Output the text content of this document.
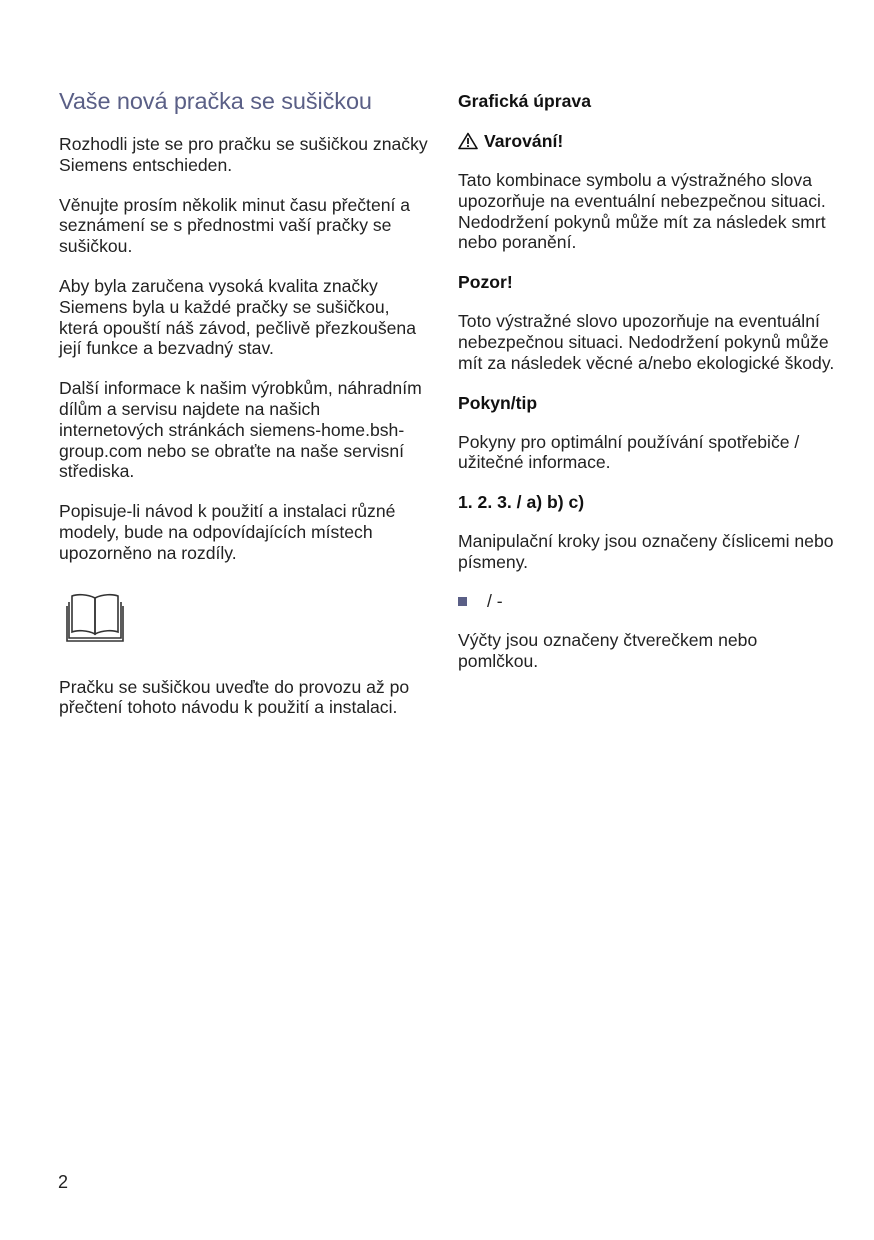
Vaše nová pračka se sušičkou

Rozhodli jste se pro pračku se sušičkou značky Siemens entschieden.

Věnujte prosím několik minut času přečtení a seznámení se s přednostmi vaší pračky se sušičkou.

Aby byla zaručena vysoká kvalita značky Siemens byla u každé pračky se sušičkou, která opouští náš závod, pečlivě přezkoušena její funkce a bezvadný stav.

Další informace k našim výrobkům, náhradním dílům a servisu najdete na našich internetových stránkách siemens-home.bsh-group.com nebo se obraťte na naše servisní střediska.

Popisuje-li návod k použití a instalaci různé modely, bude na odpovídajících místech upozorněno na rozdíly.

Pračku se sušičkou uveďte do provozu až po přečtení tohoto návodu k použití a instalaci.

Grafická úprava
Varování!

Tato kombinace symbolu a výstražného slova upozorňuje na eventuální nebezpečnou situaci. Nedodržení pokynů může mít za následek smrt nebo poranění.

Pozor!

Toto výstražné slovo upozorňuje na eventuální nebezpečnou situaci. Nedodržení pokynů může mít za následek věcné a/nebo ekologické škody.

Pokyn/tip

Pokyny pro optimální používání spotřebiče / užitečné informace.

1. 2. 3. / a) b) c)

Manipulační kroky jsou označeny číslicemi nebo písmeny.

/ -

Výčty jsou označeny čtverečkem nebo pomlčkou.

2
